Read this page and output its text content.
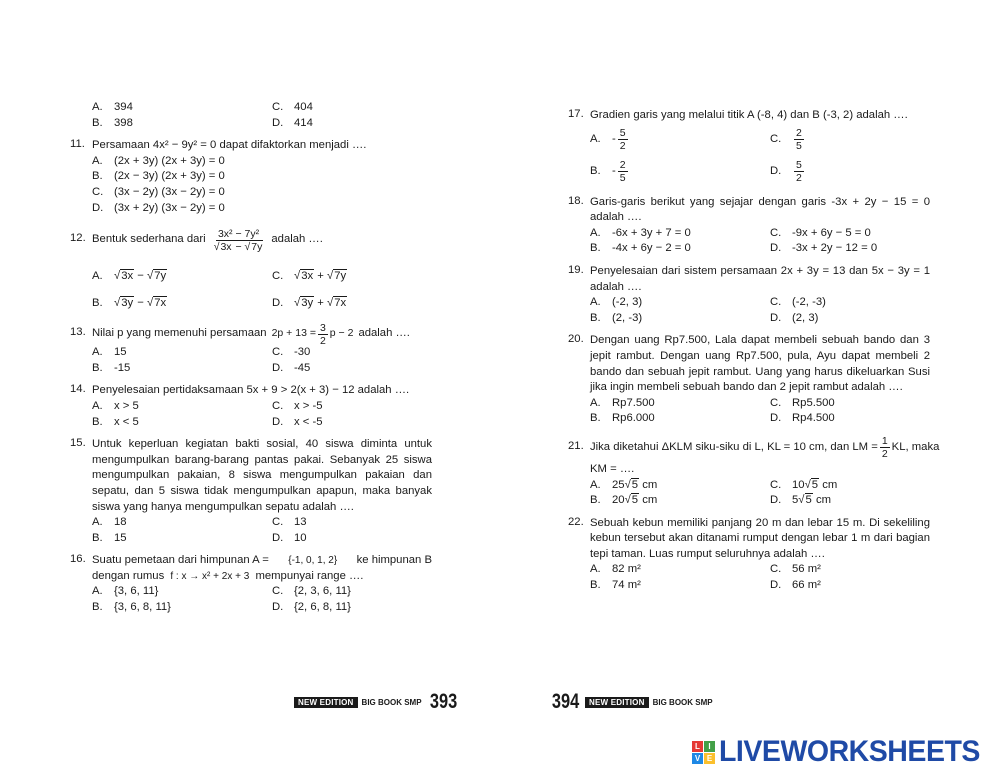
A.	394	C. 404
B.	398	D. 414
11. Persamaan 4x² − 9y² = 0 dapat difaktorkan menjadi ….
A.	(2x + 3y) (2x + 3y) = 0
B.	(2x − 3y) (2x + 3y) = 0
C. (3x − 2y) (3x − 2y) = 0
D. (3x + 2y) (3x − 2y) = 0
12. Bentuk sederhana dari $\frac{\text{3x² − 7y²}}{√3x - √7y}$ adalah ….
A.	√3x − √7y	C. √3x + √7y
B.	√3y − √7x	D. √3y + √7x
13. Nilai p yang memenuhi persamaan $2p + 13 = \frac{3}{2}$ p − 2 adalah ….
A.	15	C. -30
B.	-15	D. -45
14. Penyelesaian pertidaksamaan 5x + 9 > 2(x + 3) − 12 adalah ….
A.	x > 5	C. x > -5
B.	x < 5	D. x < -5
15. Untuk keperluan kegiatan bakti sosial, 40 siswa diminta untuk mengumpulkan barang-barang pantas pakai. Sebanyak 25 siswa mengumpulkan pakaian, 8 siswa mengumpulkan pakaian dan sepatu, dan 5 siswa tidak mengumpulkan apapun, maka banyak siswa yang hanya mengumpulkan sepatu adalah ….
A.	18	C. 13
B.	15	D. 10
16. Suatu pemetaan dari himpunan A = {-1, 0, 1, 2} ke himpunan B
dengan rumus f : x → x² + 2x + 3 mempunyai range ….
A.	{3, 6, 11}	C. {2, 3, 6, 11}
B.	{3, 6, 8, 11}	D. {2, 6, 8, 11}
17. Gradien garis yang melalui titik A (-8, 4) dan B (-3, 2) adalah ….
A.	- $\frac{5}{2}$	C.	$\frac{2}{5}$
B.	- $\frac{2}{5}$	D.	$\frac{5}{2}$
18. Garis-garis berikut yang sejajar dengan garis -3x + 2y − 15 = 0 adalah ….
A.	-6x + 3y + 7 = 0	C. -9x + 6y − 5 = 0
B.	-4x + 6y − 2 = 0	D. -3x + 2y − 12 = 0
19. Penyelesaian dari sistem persamaan 2x + 3y = 13 dan 5x − 3y = 1 adalah ….
A.	(-2, 3)	C. (-2, -3)
B.	(2, -3)	D. (2, 3)
20. Dengan uang Rp7.500, Lala dapat membeli sebuah bando dan 3 jepit rambut. Dengan uang Rp7.500, pula, Ayu dapat membeli 2 bando dan sebuah jepit rambut. Uang yang harus dikeluarkan Susi jika ingin membeli sebuah bando dan 2 jepit rambut adalah ….
A.	Rp7.500	C. Rp5.500
B.	Rp6.000	D. Rp4.500
21. Jika diketahui ΔKLM siku-siku di L, KL = 10 cm, dan LM = $\frac{1}{2}$ KL, maka
KM = ….
A.	25√5 cm	C. 10√5 cm
B.	20√5 cm	D. 5√5 cm
22. Sebuah kebun memiliki panjang 20 m dan lebar 15 m. Di sekeliling kebun tersebut akan ditanami rumput dengan lebar 1 m dari bagian tepi taman. Luas rumput seluruhnya adalah ….
A.	82 m²	C. 56 m²
B.	74 m²	D. 66 m²
NEW EDITION	BIG BOOK SMP 393	394	NEW EDITION	BIG BOOK SMP
L	I
V E LIVEWORKSHEETS
